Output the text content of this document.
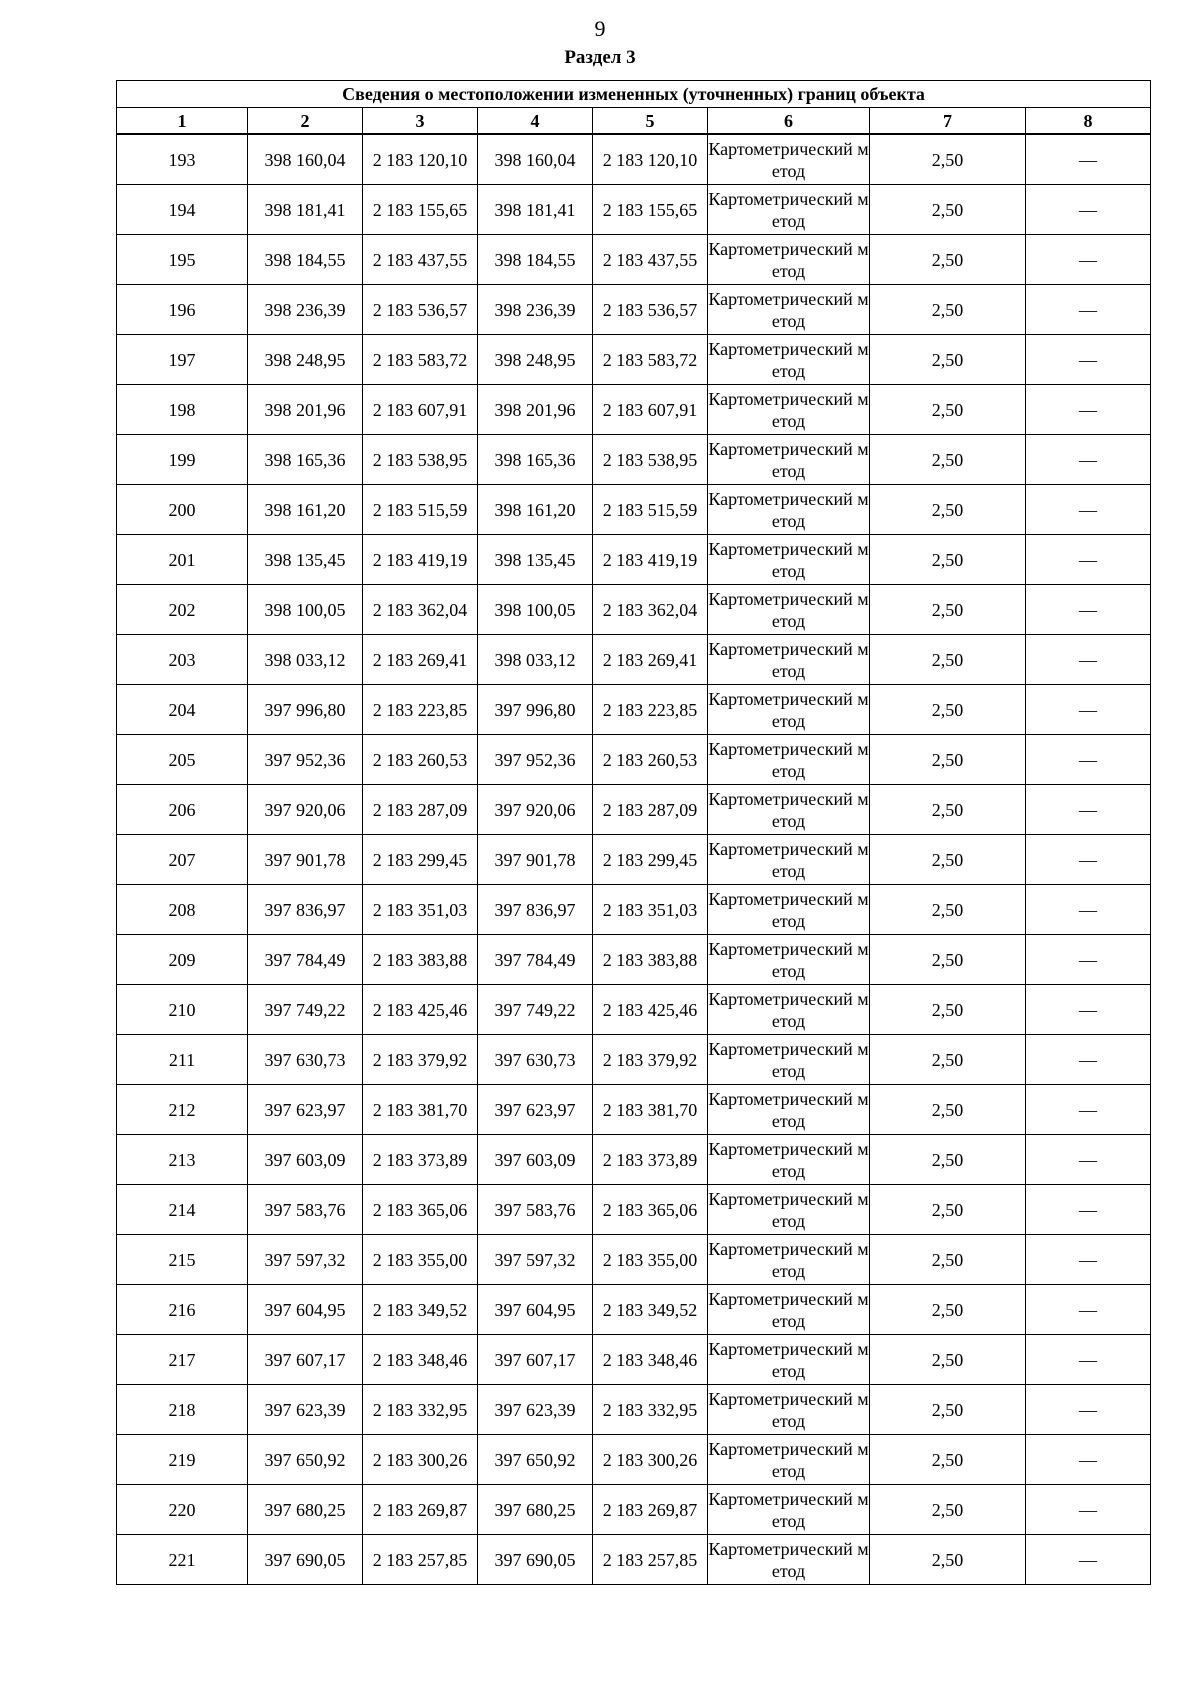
9
Раздел 3
Сведения о местоположении измененных (уточненных) границ объекта							
1	2	3	4	5	6	7	8
193	398 160,04	2 183 120,10	398 160,04	2 183 120,10	Картометрический метод	2,50	—
194	398 181,41	2 183 155,65	398 181,41	2 183 155,65	Картометрический метод	2,50	—
195	398 184,55	2 183 437,55	398 184,55	2 183 437,55	Картометрический метод	2,50	—
196	398 236,39	2 183 536,57	398 236,39	2 183 536,57	Картометрический метод	2,50	—
197	398 248,95	2 183 583,72	398 248,95	2 183 583,72	Картометрический метод	2,50	—
198	398 201,96	2 183 607,91	398 201,96	2 183 607,91	Картометрический метод	2,50	—
199	398 165,36	2 183 538,95	398 165,36	2 183 538,95	Картометрический метод	2,50	—
200	398 161,20	2 183 515,59	398 161,20	2 183 515,59	Картометрический метод	2,50	—
201	398 135,45	2 183 419,19	398 135,45	2 183 419,19	Картометрический метод	2,50	—
202	398 100,05	2 183 362,04	398 100,05	2 183 362,04	Картометрический метод	2,50	—
203	398 033,12	2 183 269,41	398 033,12	2 183 269,41	Картометрический метод	2,50	—
204	397 996,80	2 183 223,85	397 996,80	2 183 223,85	Картометрический метод	2,50	—
205	397 952,36	2 183 260,53	397 952,36	2 183 260,53	Картометрический метод	2,50	—
206	397 920,06	2 183 287,09	397 920,06	2 183 287,09	Картометрический метод	2,50	—
207	397 901,78	2 183 299,45	397 901,78	2 183 299,45	Картометрический метод	2,50	—
208	397 836,97	2 183 351,03	397 836,97	2 183 351,03	Картометрический метод	2,50	—
209	397 784,49	2 183 383,88	397 784,49	2 183 383,88	Картометрический метод	2,50	—
210	397 749,22	2 183 425,46	397 749,22	2 183 425,46	Картометрический метод	2,50	—
211	397 630,73	2 183 379,92	397 630,73	2 183 379,92	Картометрический метод	2,50	—
212	397 623,97	2 183 381,70	397 623,97	2 183 381,70	Картометрический метод	2,50	—
213	397 603,09	2 183 373,89	397 603,09	2 183 373,89	Картометрический метод	2,50	—
214	397 583,76	2 183 365,06	397 583,76	2 183 365,06	Картометрический метод	2,50	—
215	397 597,32	2 183 355,00	397 597,32	2 183 355,00	Картометрический метод	2,50	—
216	397 604,95	2 183 349,52	397 604,95	2 183 349,52	Картометрический метод	2,50	—
217	397 607,17	2 183 348,46	397 607,17	2 183 348,46	Картометрический метод	2,50	—
218	397 623,39	2 183 332,95	397 623,39	2 183 332,95	Картометрический метод	2,50	—
219	397 650,92	2 183 300,26	397 650,92	2 183 300,26	Картометрический метод	2,50	—
220	397 680,25	2 183 269,87	397 680,25	2 183 269,87	Картометрический метод	2,50	—
221	397 690,05	2 183 257,85	397 690,05	2 183 257,85	Картометрический метод	2,50	—
